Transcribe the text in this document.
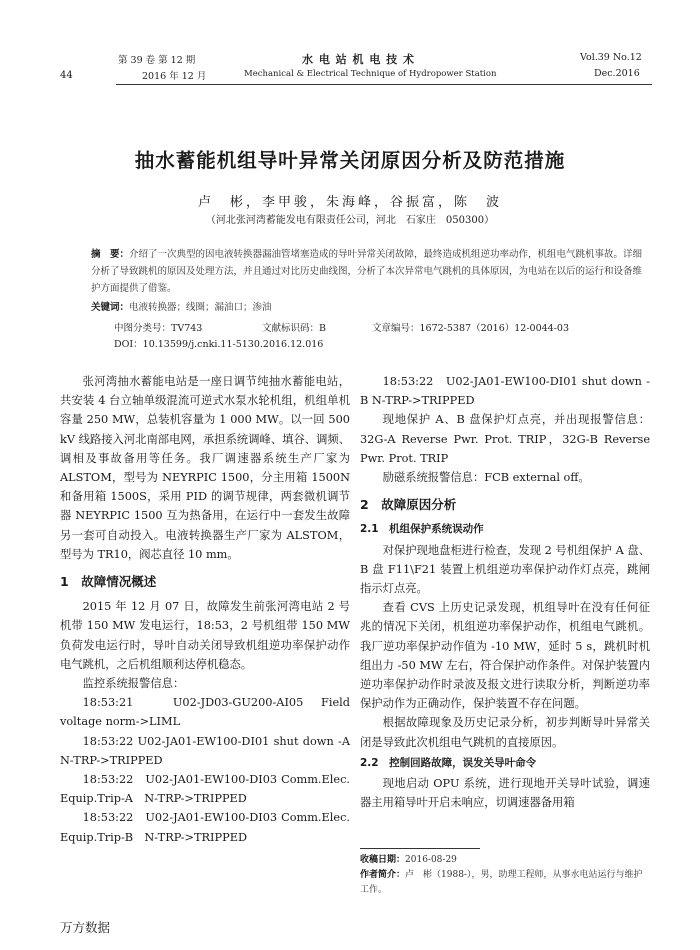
第 39 卷 第 12 期
2016 年 12 月
水 电 站 机 电 技 术
Mechanical & Electrical Technique of Hydropower Station
Vol.39 No.12
Dec.2016
44
抽水蓄能机组导叶异常关闭原因分析及防范措施
卢　彬，李甲骏，朱海峰，谷振富，陈　波
（河北张河湾蓄能发电有限责任公司，河北　石家庄　050300）
摘　要：介绍了一次典型的因电液转换器漏油管堵塞造成的导叶异常关闭故障，最终造成机组逆功率动作，机组电气跳机事故。详细分析了导致跳机的原因及处理方法，并且通过对比历史曲线图，分析了本次异常电气跳机的具体原因，为电站在以后的运行和设备维护方面提供了借鉴。
关键词：电液转换器；线圈；漏油口；渗油
中图分类号：TV743	文献标识码：B	文章编号：1672-5387（2016）12-0044-03
DOI：10.13599/j.cnki.11-5130.2016.12.016

张河湾抽水蓄能电站是一座日调节纯抽水蓄能电站，共安装 4 台立轴单级混流可逆式水泵水轮机组，机组单机容量 250 MW，总装机容量为 1 000 MW。以一回 500 kV 线路接入河北南部电网，承担系统调峰、填谷、调频、调相及事故备用等任务。我厂调速器系统生产厂家为 ALSTOM，型号为 NEYRPIC 1500，分主用箱 1500N 和备用箱 1500S，采用 PID 的调节规律，两套微机调节器 NEYRPIC 1500 互为热备用，在运行中一套发生故障另一套可自动投入。电液转换器生产厂家为 ALSTOM，型号为 TR10，阀芯直径 10 mm。

1　故障情况概述

2015 年 12 月 07 日，故障发生前张河湾电站 2 号机带 150 MW 发电运行，18:53，2 号机组带 150 MW 负荷发电运行时，导叶自动关闭导致机组逆功率保护动作电气跳机，之后机组顺利达停机稳态。

监控系统报警信息：

18:53:21　U02-JD03-GU200-AI05 Field voltage norm->LIML

18:53:22 U02-JA01-EW100-DI01 shut down -A N-TRP->TRIPPED

18:53:22　U02-JA01-EW100-DI03 Comm.Elec. Equip.Trip-A　N-TRP->TRIPPED

18:53:22　U02-JA01-EW100-DI03 Comm.Elec. Equip.Trip-B　N-TRP->TRIPPED

18:53:22　U02-JA01-EW100-DI01 shut down -B N-TRP->TRIPPED

现地保护 A、B 盘保护灯点亮，并出现报警信息：32G-A Reverse Pwr. Prot. TRIP，32G-B Reverse Pwr. Prot. TRIP

励磁系统报警信息：FCB external off。

2　故障原因分析
2.1　机组保护系统误动作

对保护现地盘柜进行检查，发现 2 号机组保护 A 盘、B 盘 F11\F21 装置上机组逆功率保护动作灯点亮，跳闸指示灯点亮。

查看 CVS 上历史记录发现，机组导叶在没有任何征兆的情况下关闭，机组逆功率保护动作，机组电气跳机。我厂逆功率保护动作值为 -10 MW，延时 5 s，跳机时机组出力 -50 MW 左右，符合保护动作条件。对保护装置内逆功率保护动作时录波及报文进行读取分析，判断逆功率保护动作为正确动作，保护装置不存在问题。

根据故障现象及历史记录分析，初步判断导叶异常关闭是导致此次机组电气跳机的直接原因。

2.2　控制回路故障，误发关导叶命令

现地启动 OPU 系统，进行现地开关导叶试验，调速器主用箱导叶开启未响应，切调速器备用箱

收稿日期：2016-08-29
作者简介：卢　彬（1988-），男，助理工程师，从事水电站运行与维护工作。
万方数据
